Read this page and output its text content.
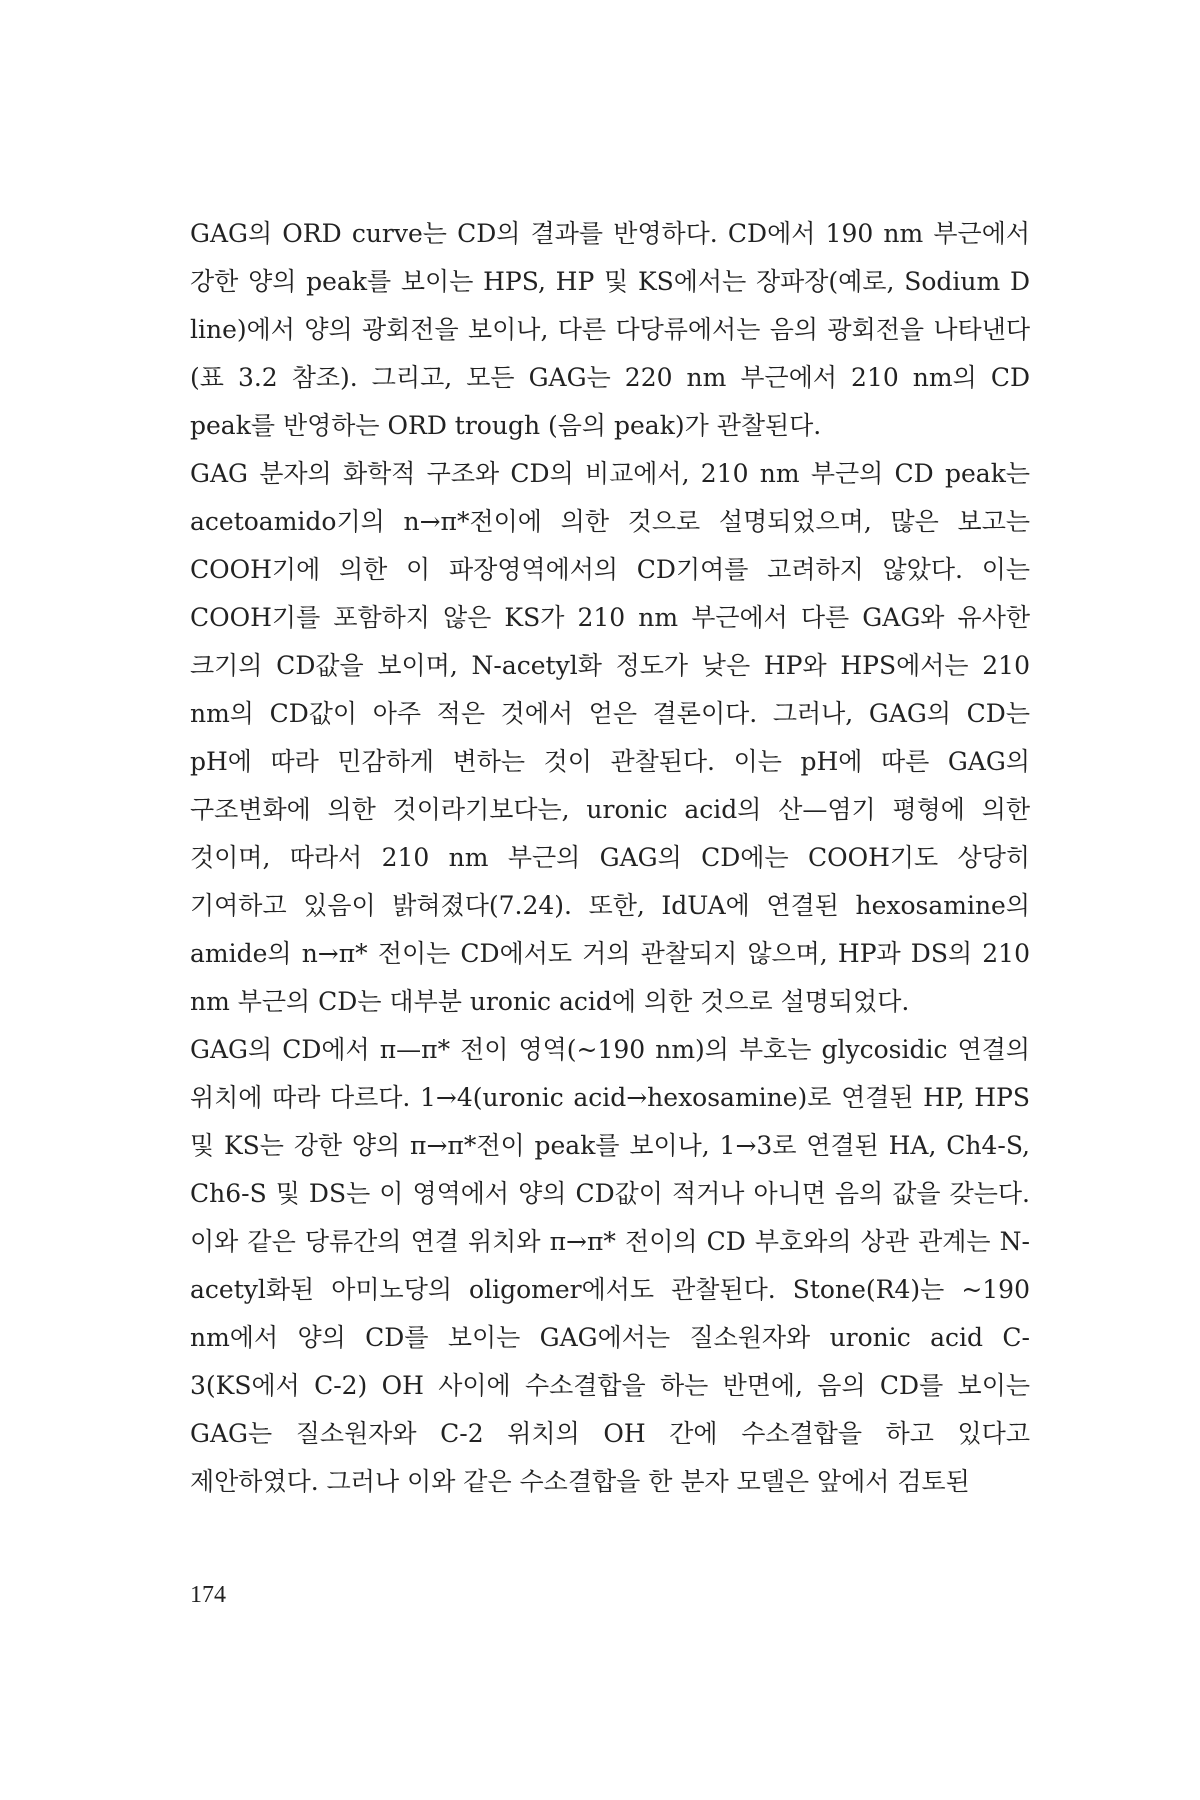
GAG의 ORD curve는 CD의 결과를 반영하다. CD에서 190 nm 부근에서 강한 양의 peak를 보이는 HPS, HP 및 KS에서는 장파장(예로, Sodium D line)에서 양의 광회전을 보이나, 다른 다당류에서는 음의 광회전을 나타낸다(표 3.2 참조). 그리고, 모든 GAG는 220 nm 부근에서 210 nm의 CD peak를 반영하는 ORD trough (음의 peak)가 관찰된다.

GAG 분자의 화학적 구조와 CD의 비교에서, 210 nm 부근의 CD peak는 acetoamido기의 n→π*전이에 의한 것으로 설명되었으며, 많은 보고는 COOH기에 의한 이 파장영역에서의 CD기여를 고려하지 않았다. 이는 COOH기를 포함하지 않은 KS가 210 nm 부근에서 다른 GAG와 유사한 크기의 CD값을 보이며, N-acetyl화 정도가 낮은 HP와 HPS에서는 210 nm의 CD값이 아주 적은 것에서 얻은 결론이다. 그러나, GAG의 CD는 pH에 따라 민감하게 변하는 것이 관찰된다. 이는 pH에 따른 GAG의 구조변화에 의한 것이라기보다는, uronic acid의 산—염기 평형에 의한 것이며, 따라서 210 nm 부근의 GAG의 CD에는 COOH기도 상당히 기여하고 있음이 밝혀졌다(7.24). 또한, IdUA에 연결된 hexosamine의 amide의 n→π* 전이는 CD에서도 거의 관찰되지 않으며, HP과 DS의 210 nm 부근의 CD는 대부분 uronic acid에 의한 것으로 설명되었다.

GAG의 CD에서 π—π* 전이 영역(~190 nm)의 부호는 glycosidic 연결의 위치에 따라 다르다. 1→4(uronic acid→hexosamine)로 연결된 HP, HPS 및 KS는 강한 양의 π→π*전이 peak를 보이나, 1→3로 연결된 HA, Ch4-S, Ch6-S 및 DS는 이 영역에서 양의 CD값이 적거나 아니면 음의 값을 갖는다. 이와 같은 당류간의 연결 위치와 π→π* 전이의 CD 부호와의 상관 관계는 N-acetyl화된 아미노당의 oligomer에서도 관찰된다. Stone(R4)는 ~190 nm에서 양의 CD를 보이는 GAG에서는 질소원자와 uronic acid C-3(KS에서 C-2) OH 사이에 수소결합을 하는 반면에, 음의 CD를 보이는 GAG는 질소원자와 C-2 위치의 OH 간에 수소결합을 하고 있다고 제안하였다. 그러나 이와 같은 수소결합을 한 분자 모델은 앞에서 검토된

174
